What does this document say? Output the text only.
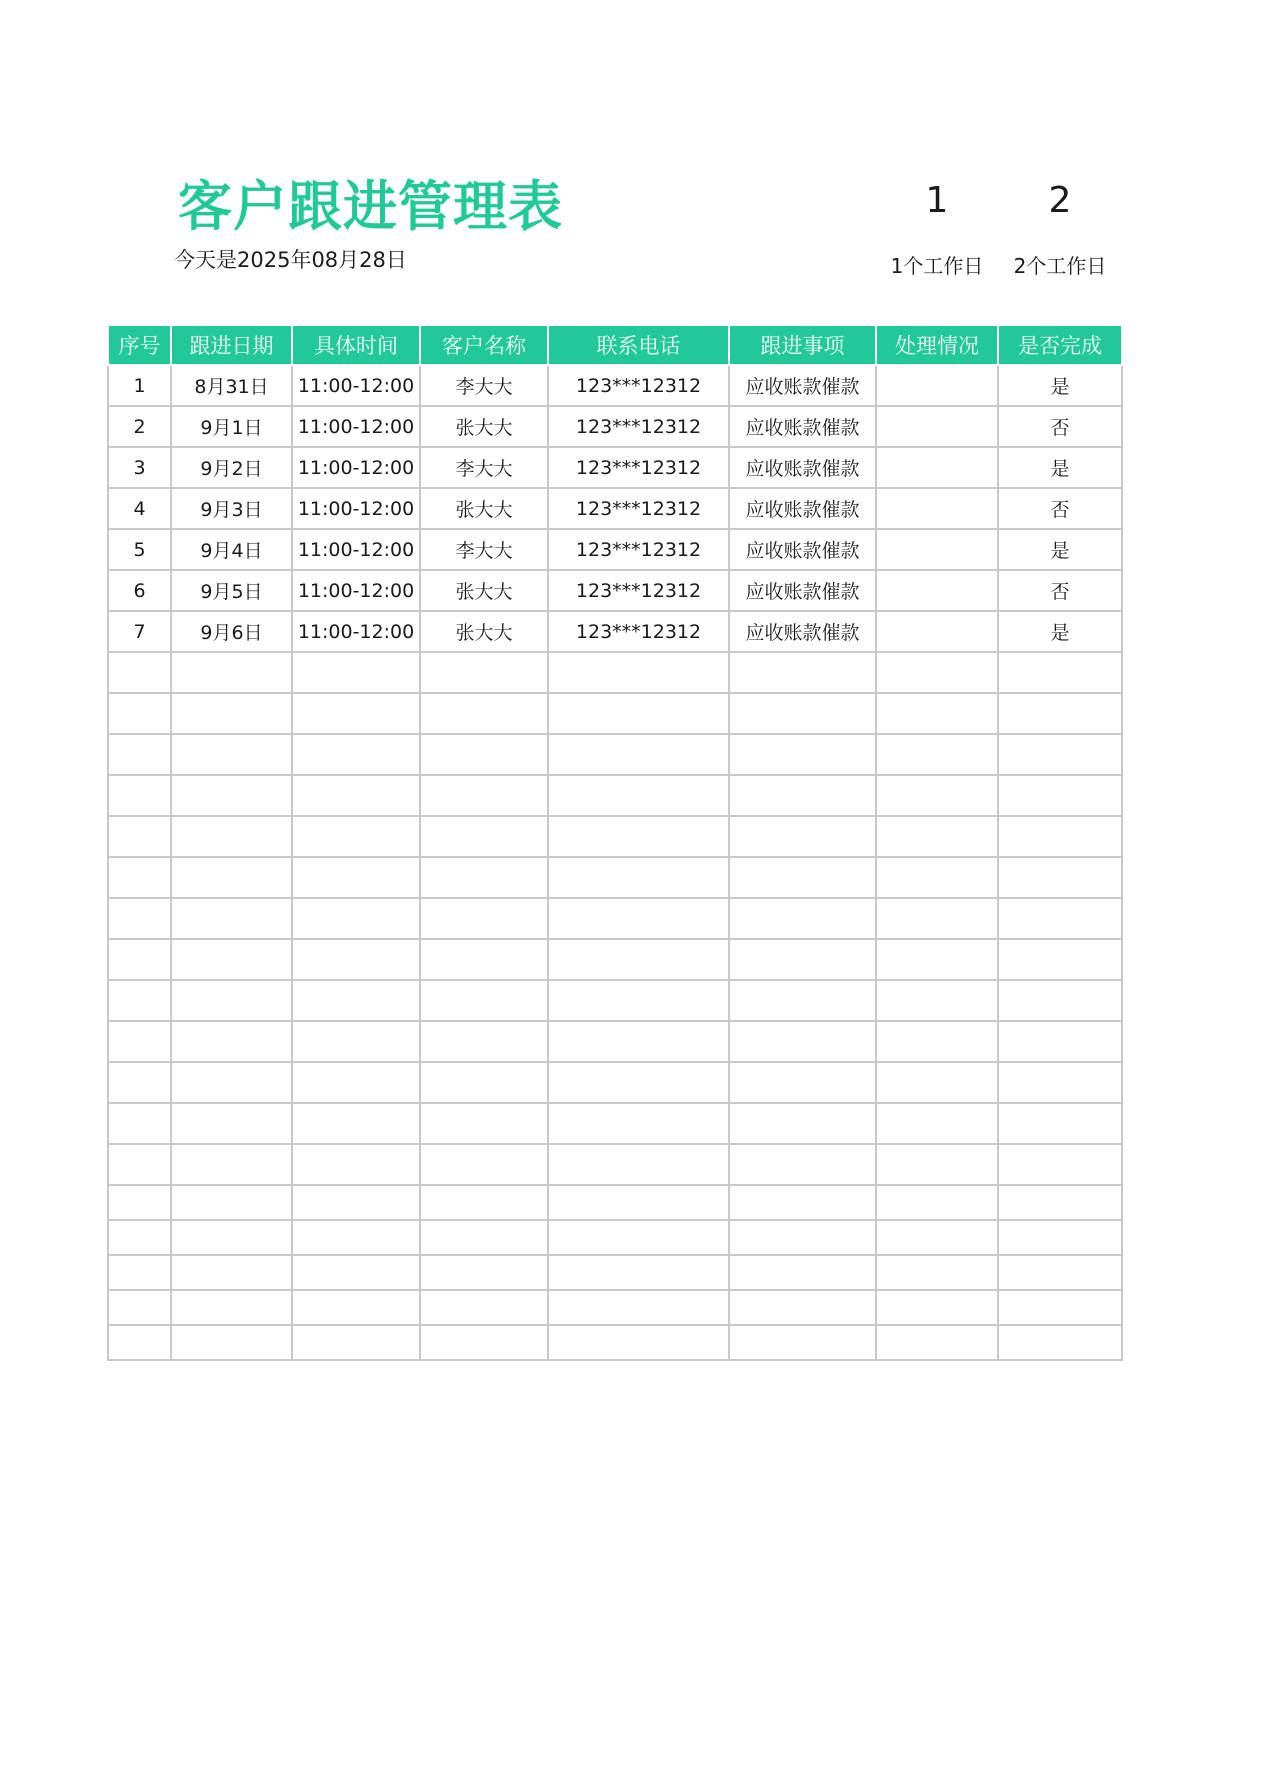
客户跟进管理表
今天是2025年08月28日
1	2
1个工作日	2个工作日
序号	跟进日期	具体时间	客户名称	联系电话	跟进事项	处理情况	是否完成
1	8月31日	11:00-12:00	李大大	123***12312	应收账款催款		是
2	9月1日	11:00-12:00	张大大	123***12312	应收账款催款		否
3	9月2日	11:00-12:00	李大大	123***12312	应收账款催款		是
4	9月3日	11:00-12:00	张大大	123***12312	应收账款催款		否
5	9月4日	11:00-12:00	李大大	123***12312	应收账款催款		是
6	9月5日	11:00-12:00	张大大	123***12312	应收账款催款		否
7	9月6日	11:00-12:00	张大大	123***12312	应收账款催款		是
